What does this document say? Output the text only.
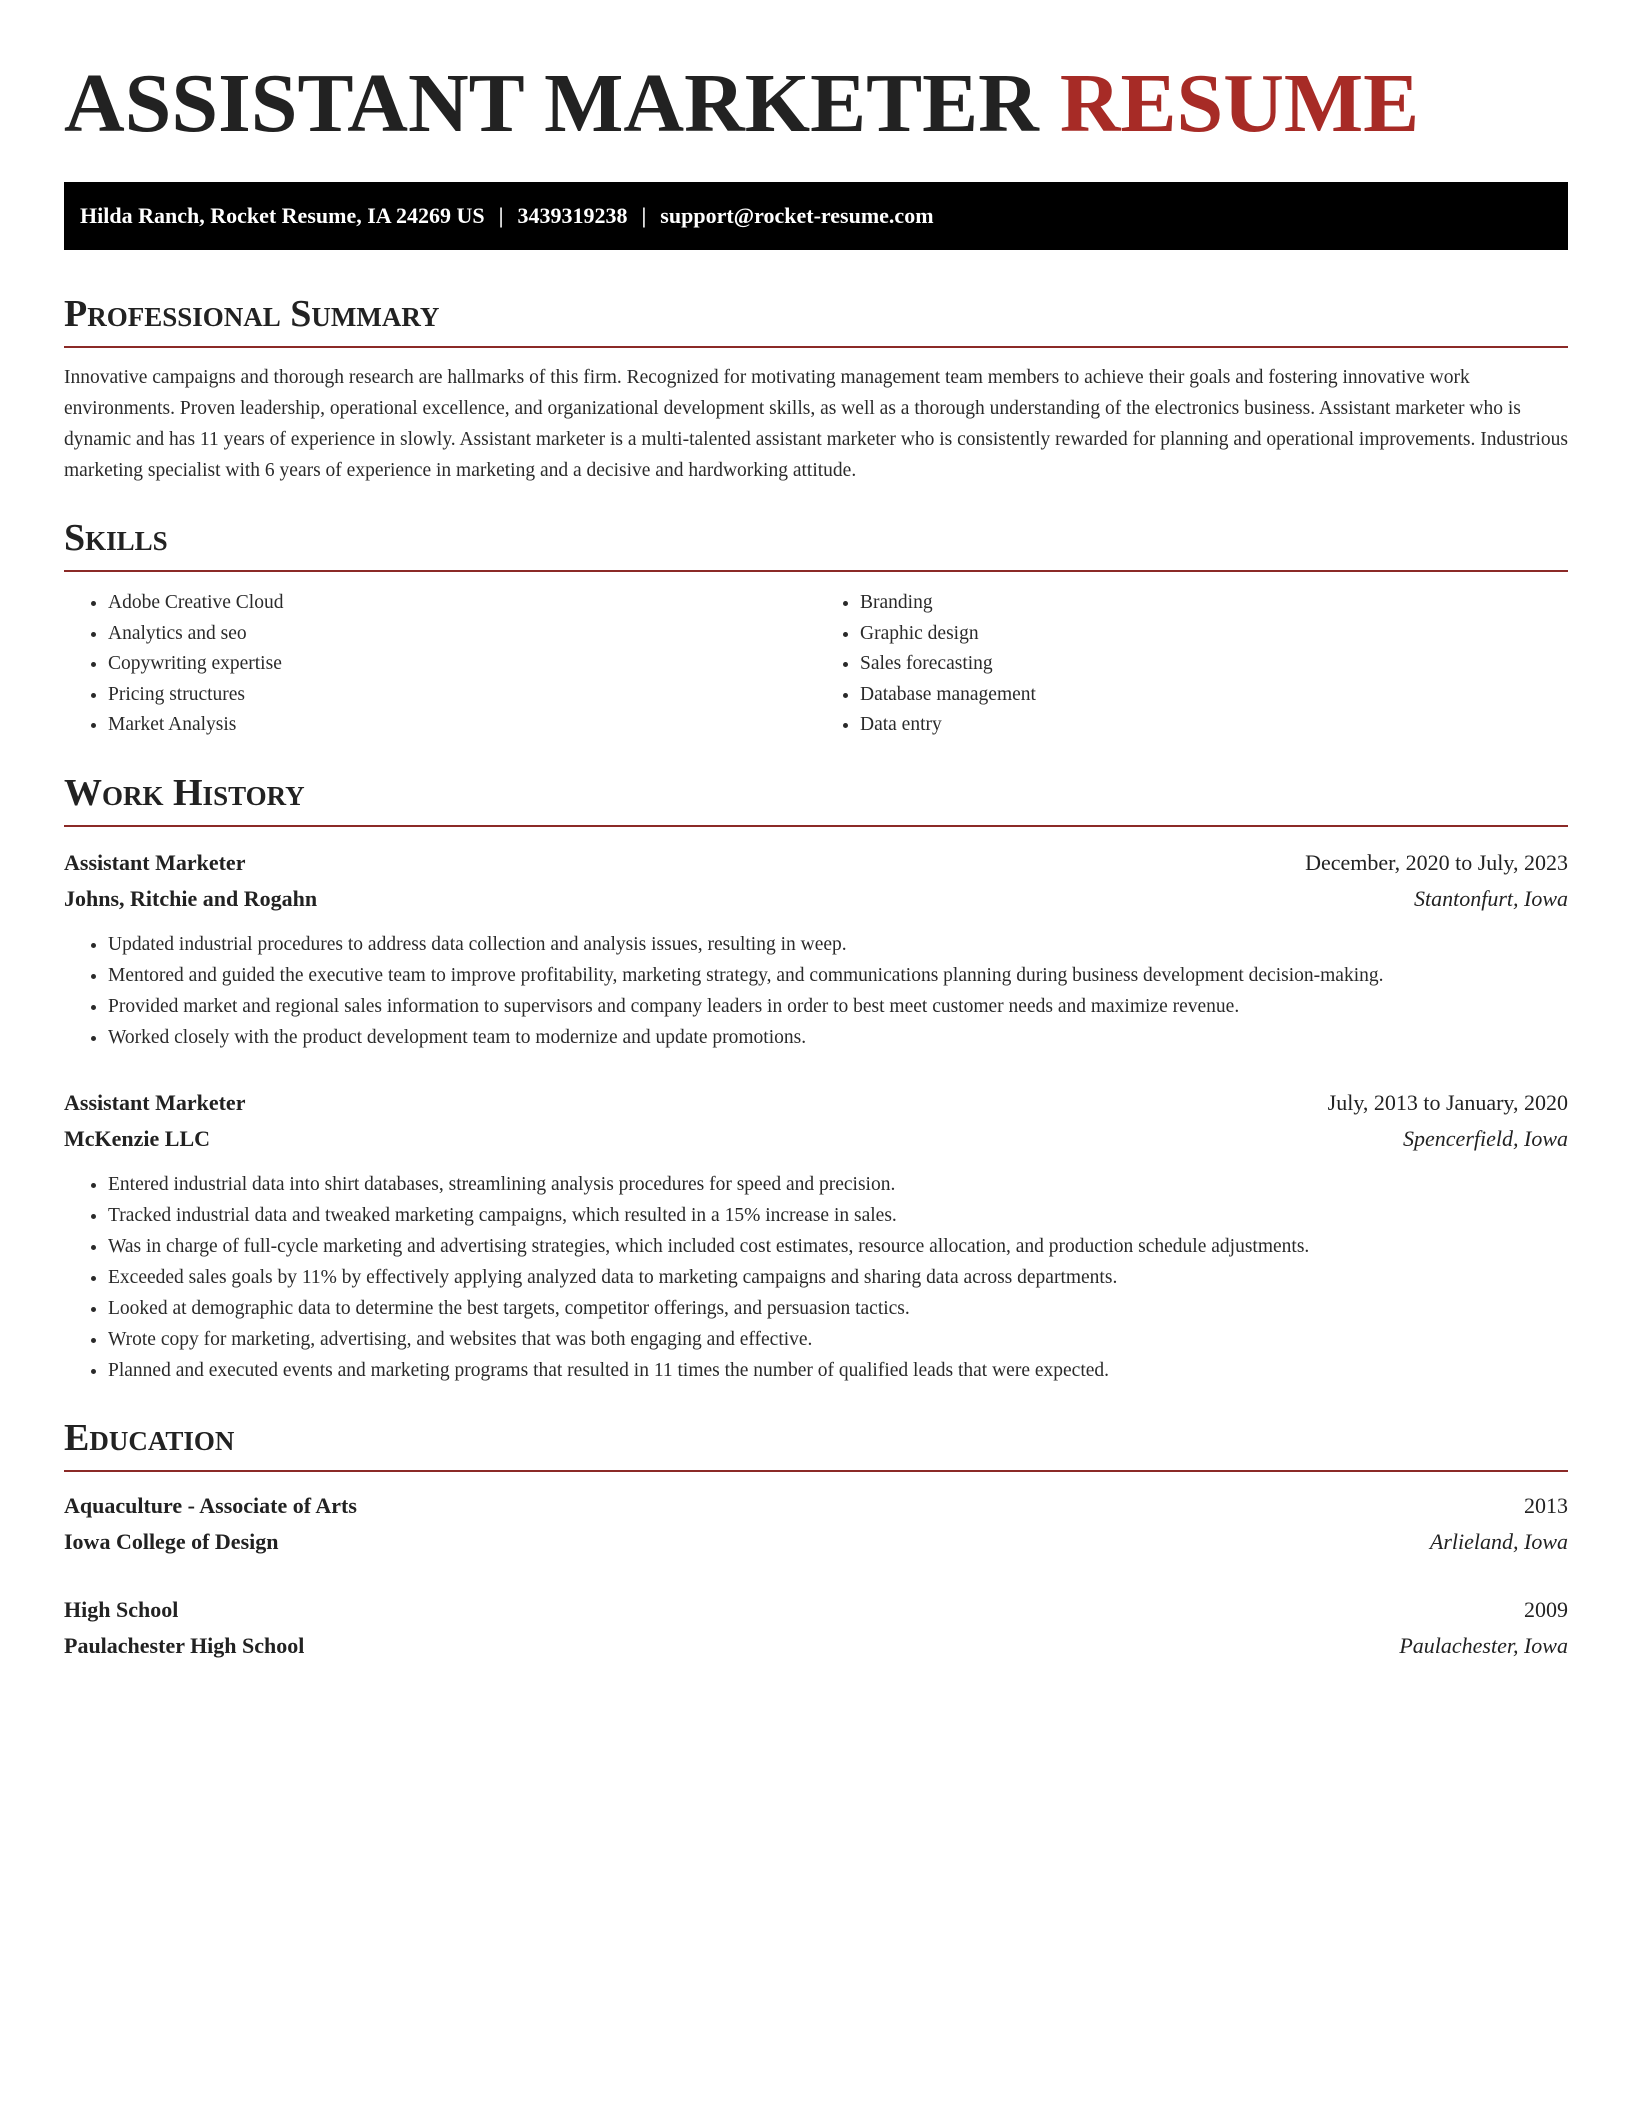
ASSISTANT MARKETER RESUME
Hilda Ranch, Rocket Resume, IA 24269 US | 3439319238 | support@rocket-resume.com
Professional Summary

Innovative campaigns and thorough research are hallmarks of this firm. Recognized for motivating management team members to achieve their goals and fostering innovative work environments. Proven leadership, operational excellence, and organizational development skills, as well as a thorough understanding of the electronics business. Assistant marketer who is dynamic and has 11 years of experience in slowly. Assistant marketer is a multi-talented assistant marketer who is consistently rewarded for planning and operational improvements. Industrious marketing specialist with 6 years of experience in marketing and a decisive and hardworking attitude.

Skills
• Adobe Creative Cloud
• Analytics and seo
• Copywriting expertise
• Pricing structures
• Market Analysis
• Branding
• Graphic design
• Sales forecasting
• Database management
• Data entry
Work History
Assistant Marketer	December, 2020 to July, 2023
Johns, Ritchie and Rogahn	Stantonfurt, Iowa
• Updated industrial procedures to address data collection and analysis issues, resulting in weep.
• Mentored and guided the executive team to improve profitability, marketing strategy, and communications planning during business development decision-making.
• Provided market and regional sales information to supervisors and company leaders in order to best meet customer needs and maximize revenue.
• Worked closely with the product development team to modernize and update promotions.
Assistant Marketer	July, 2013 to January, 2020
McKenzie LLC	Spencerfield, Iowa
• Entered industrial data into shirt databases, streamlining analysis procedures for speed and precision.
• Tracked industrial data and tweaked marketing campaigns, which resulted in a 15% increase in sales.
• Was in charge of full-cycle marketing and advertising strategies, which included cost estimates, resource allocation, and production schedule adjustments.
• Exceeded sales goals by 11% by effectively applying analyzed data to marketing campaigns and sharing data across departments.
• Looked at demographic data to determine the best targets, competitor offerings, and persuasion tactics.
• Wrote copy for marketing, advertising, and websites that was both engaging and effective.
• Planned and executed events and marketing programs that resulted in 11 times the number of qualified leads that were expected.
Education
Aquaculture - Associate of Arts	2013
Iowa College of Design	Arlieland, Iowa
High School	2009
Paulachester High School	Paulachester, Iowa
